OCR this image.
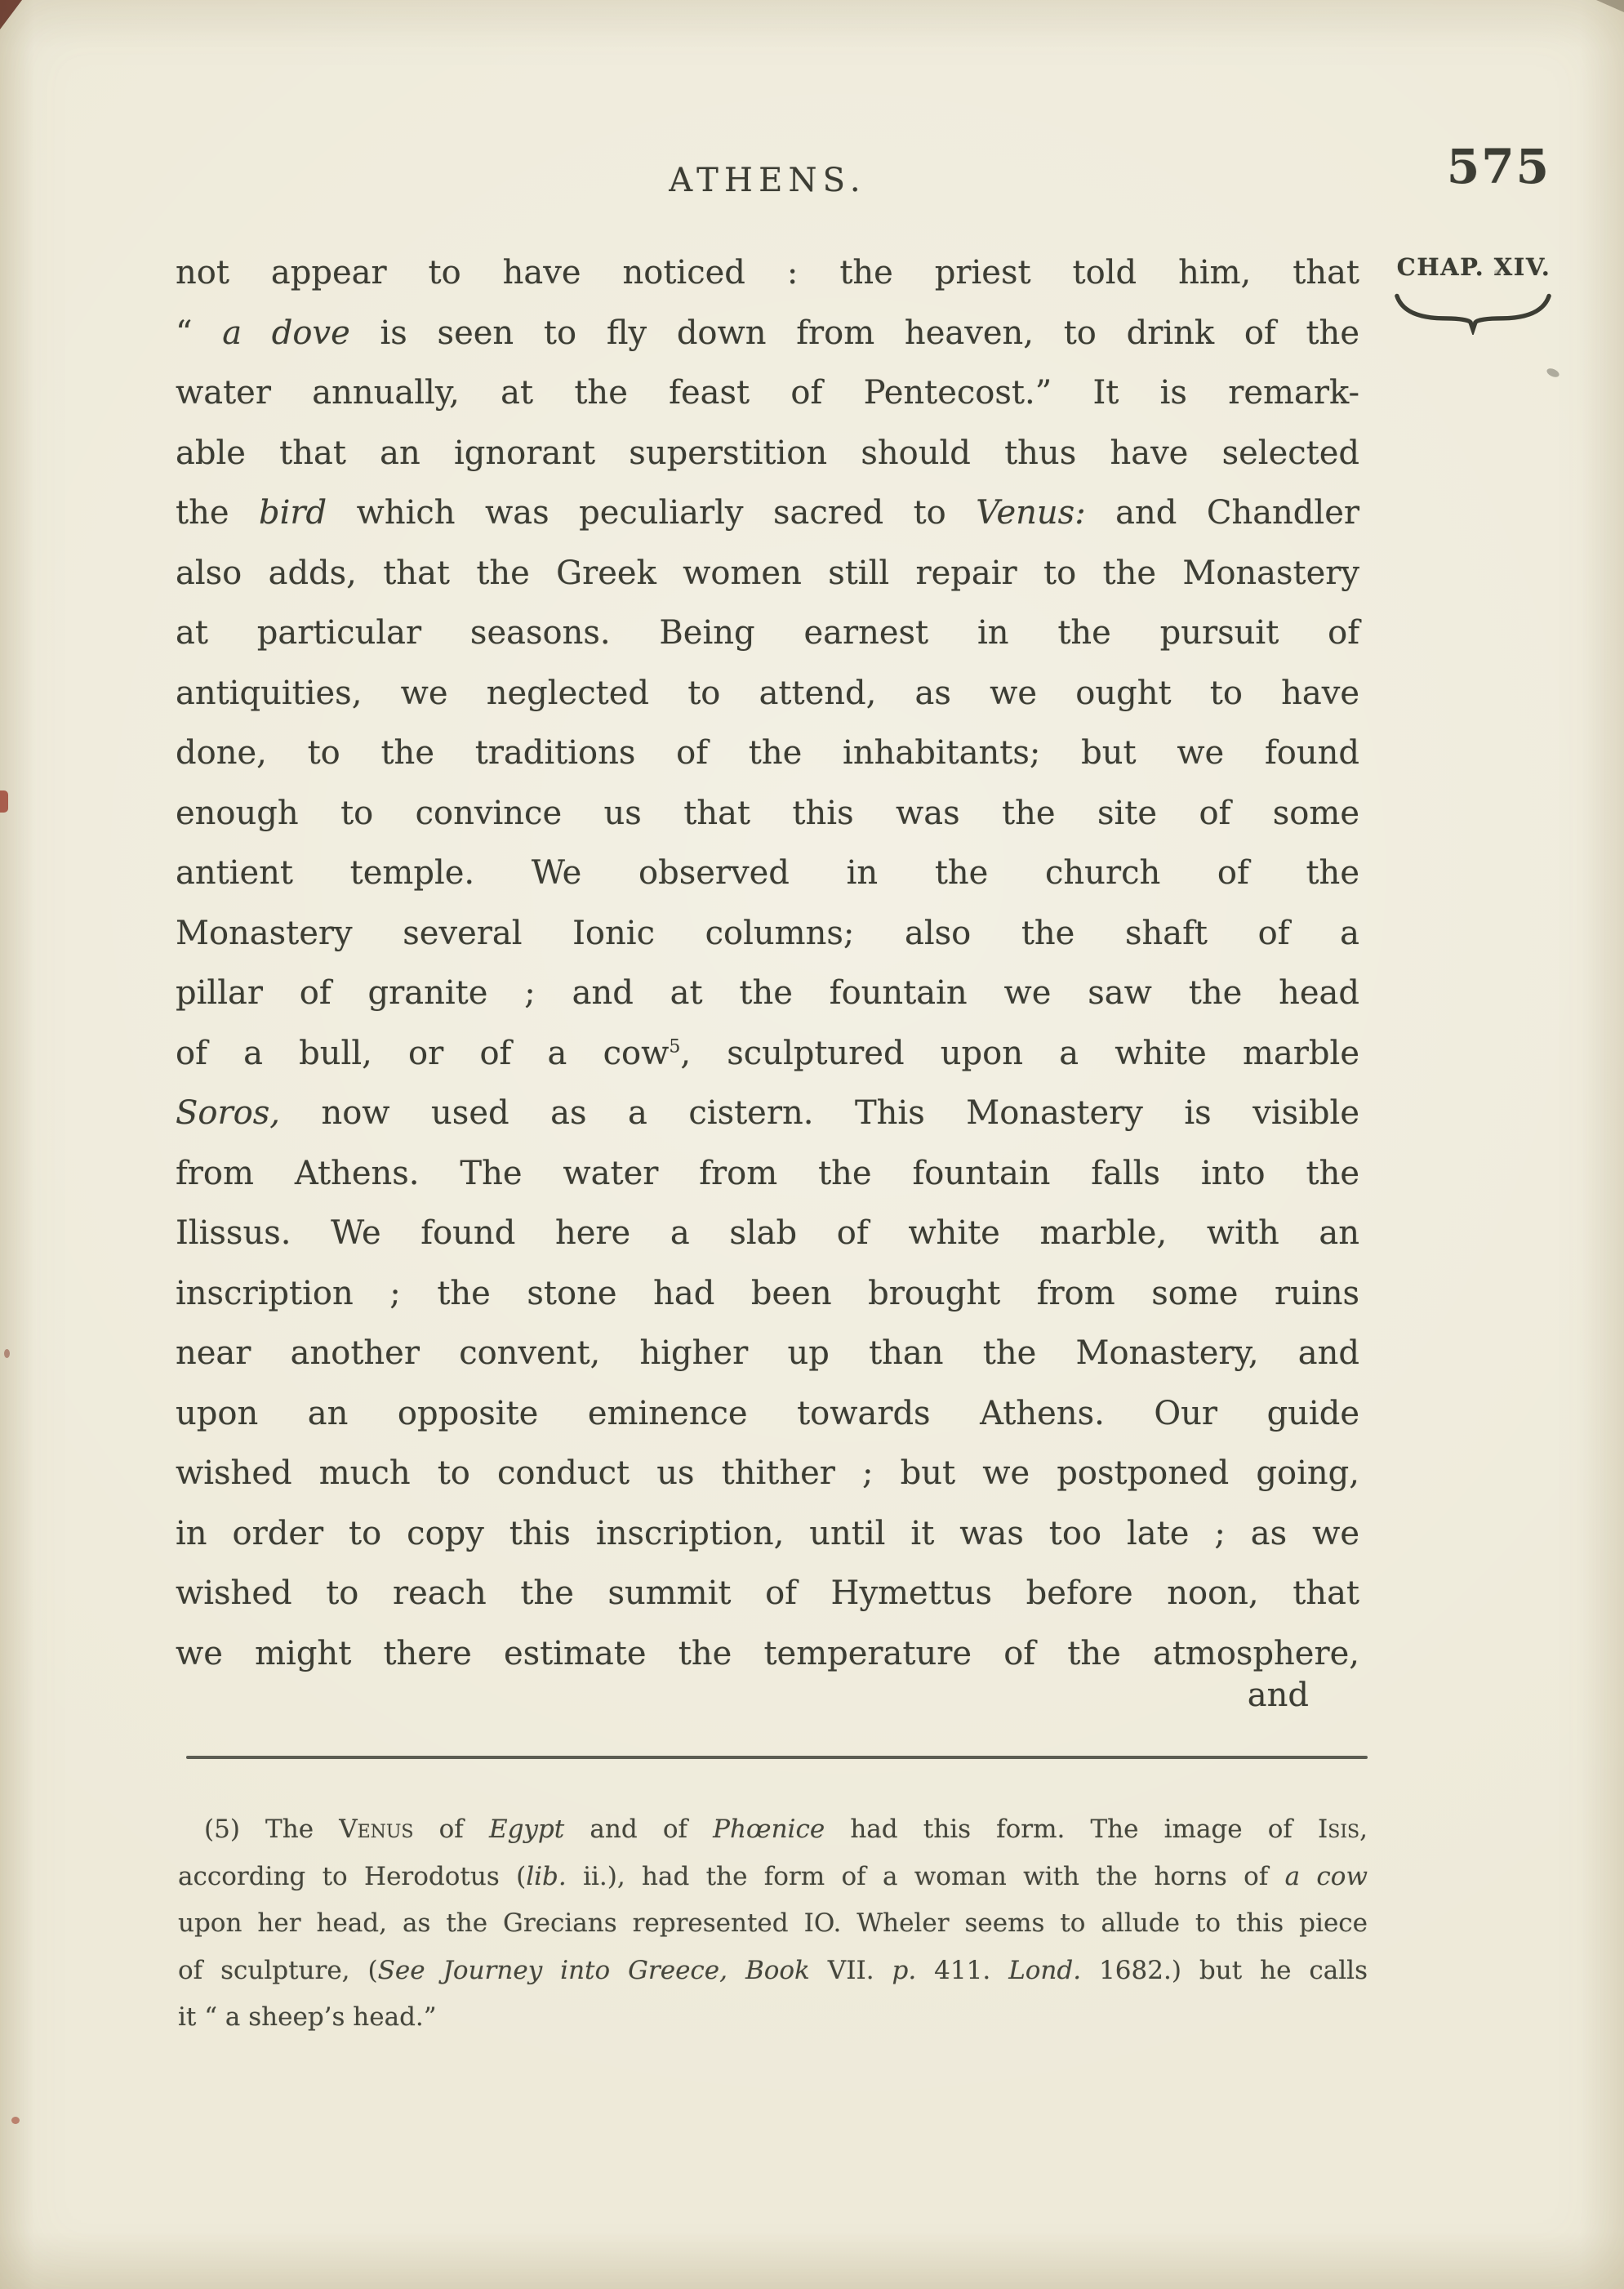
ATHENS.	575
CHAP. XIV.
not appear to have noticed : the priest told him, that
“ a dove is seen to fly down from heaven, to drink of the
water annually, at the feast of Pentecost.” It is remark-
able that an ignorant superstition should thus have selected
the bird which was peculiarly sacred to Venus: and Chandler
also adds, that the Greek women still repair to the Monastery
at particular seasons. Being earnest in the pursuit of
antiquities, we neglected to attend, as we ought to have
done, to the traditions of the inhabitants; but we found
enough to convince us that this was the site of some
antient temple. We observed in the church of the
Monastery several Ionic columns; also the shaft of a
pillar of granite ; and at the fountain we saw the head
of a bull, or of a cow$^5$, sculptured upon a white marble
Soros, now used as a cistern. This Monastery is visible
from Athens. The water from the fountain falls into the
Ilissus. We found here a slab of white marble, with an
inscription ; the stone had been brought from some ruins
near another convent, higher up than the Monastery, and
upon an opposite eminence towards Athens. Our guide
wished much to conduct us thither ; but we postponed going,
in order to copy this inscription, until it was too late ; as we
wished to reach the summit of Hymettus before noon, that
we might there estimate the temperature of the atmosphere,
and
(5) The Venus of Egypt and of Phœnice had this form. The image of Isis,
according to Herodotus (lib. ii.), had the form of a woman with the horns of a cow
upon her head, as the Grecians represented IO. Wheler seems to allude to this piece
of sculpture, (See Journey into Greece, Book VII. p. 411. Lond. 1682.) but he calls
it “ a sheep’s head.”
